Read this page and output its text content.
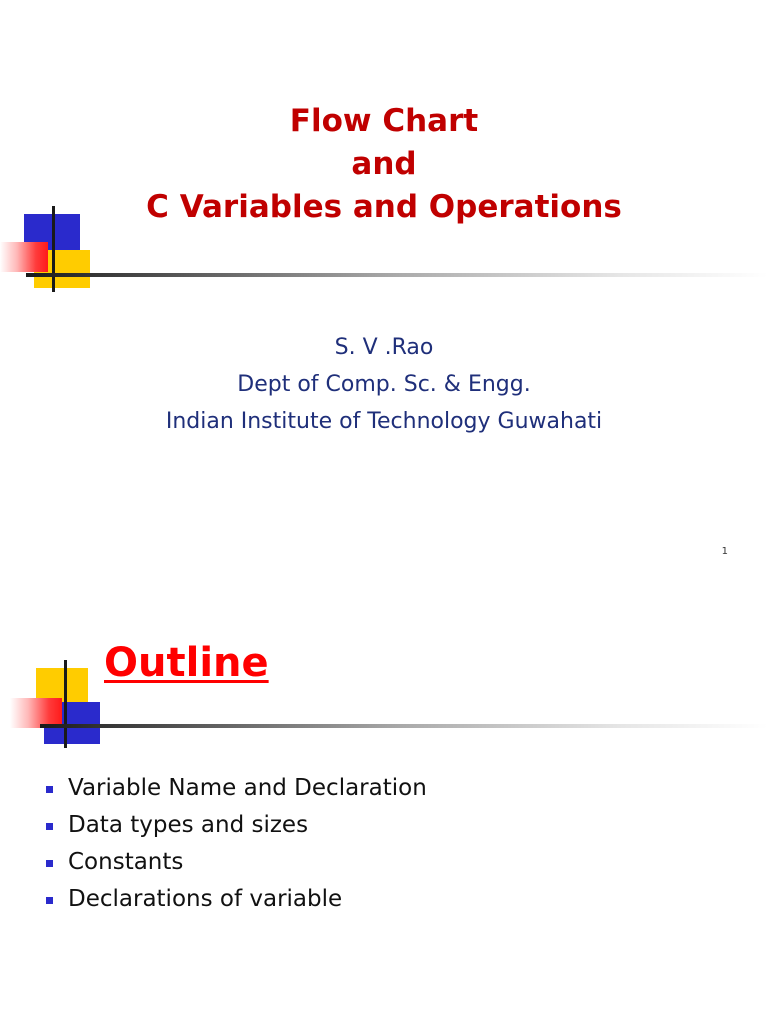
Flow Chart
and
C Variables and Operations
S. V .Rao
Dept of Comp. Sc. & Engg.
Indian Institute of Technology Guwahati
1
Outline
Variable Name and Declaration
Data types and sizes
Constants
Declarations of variable
